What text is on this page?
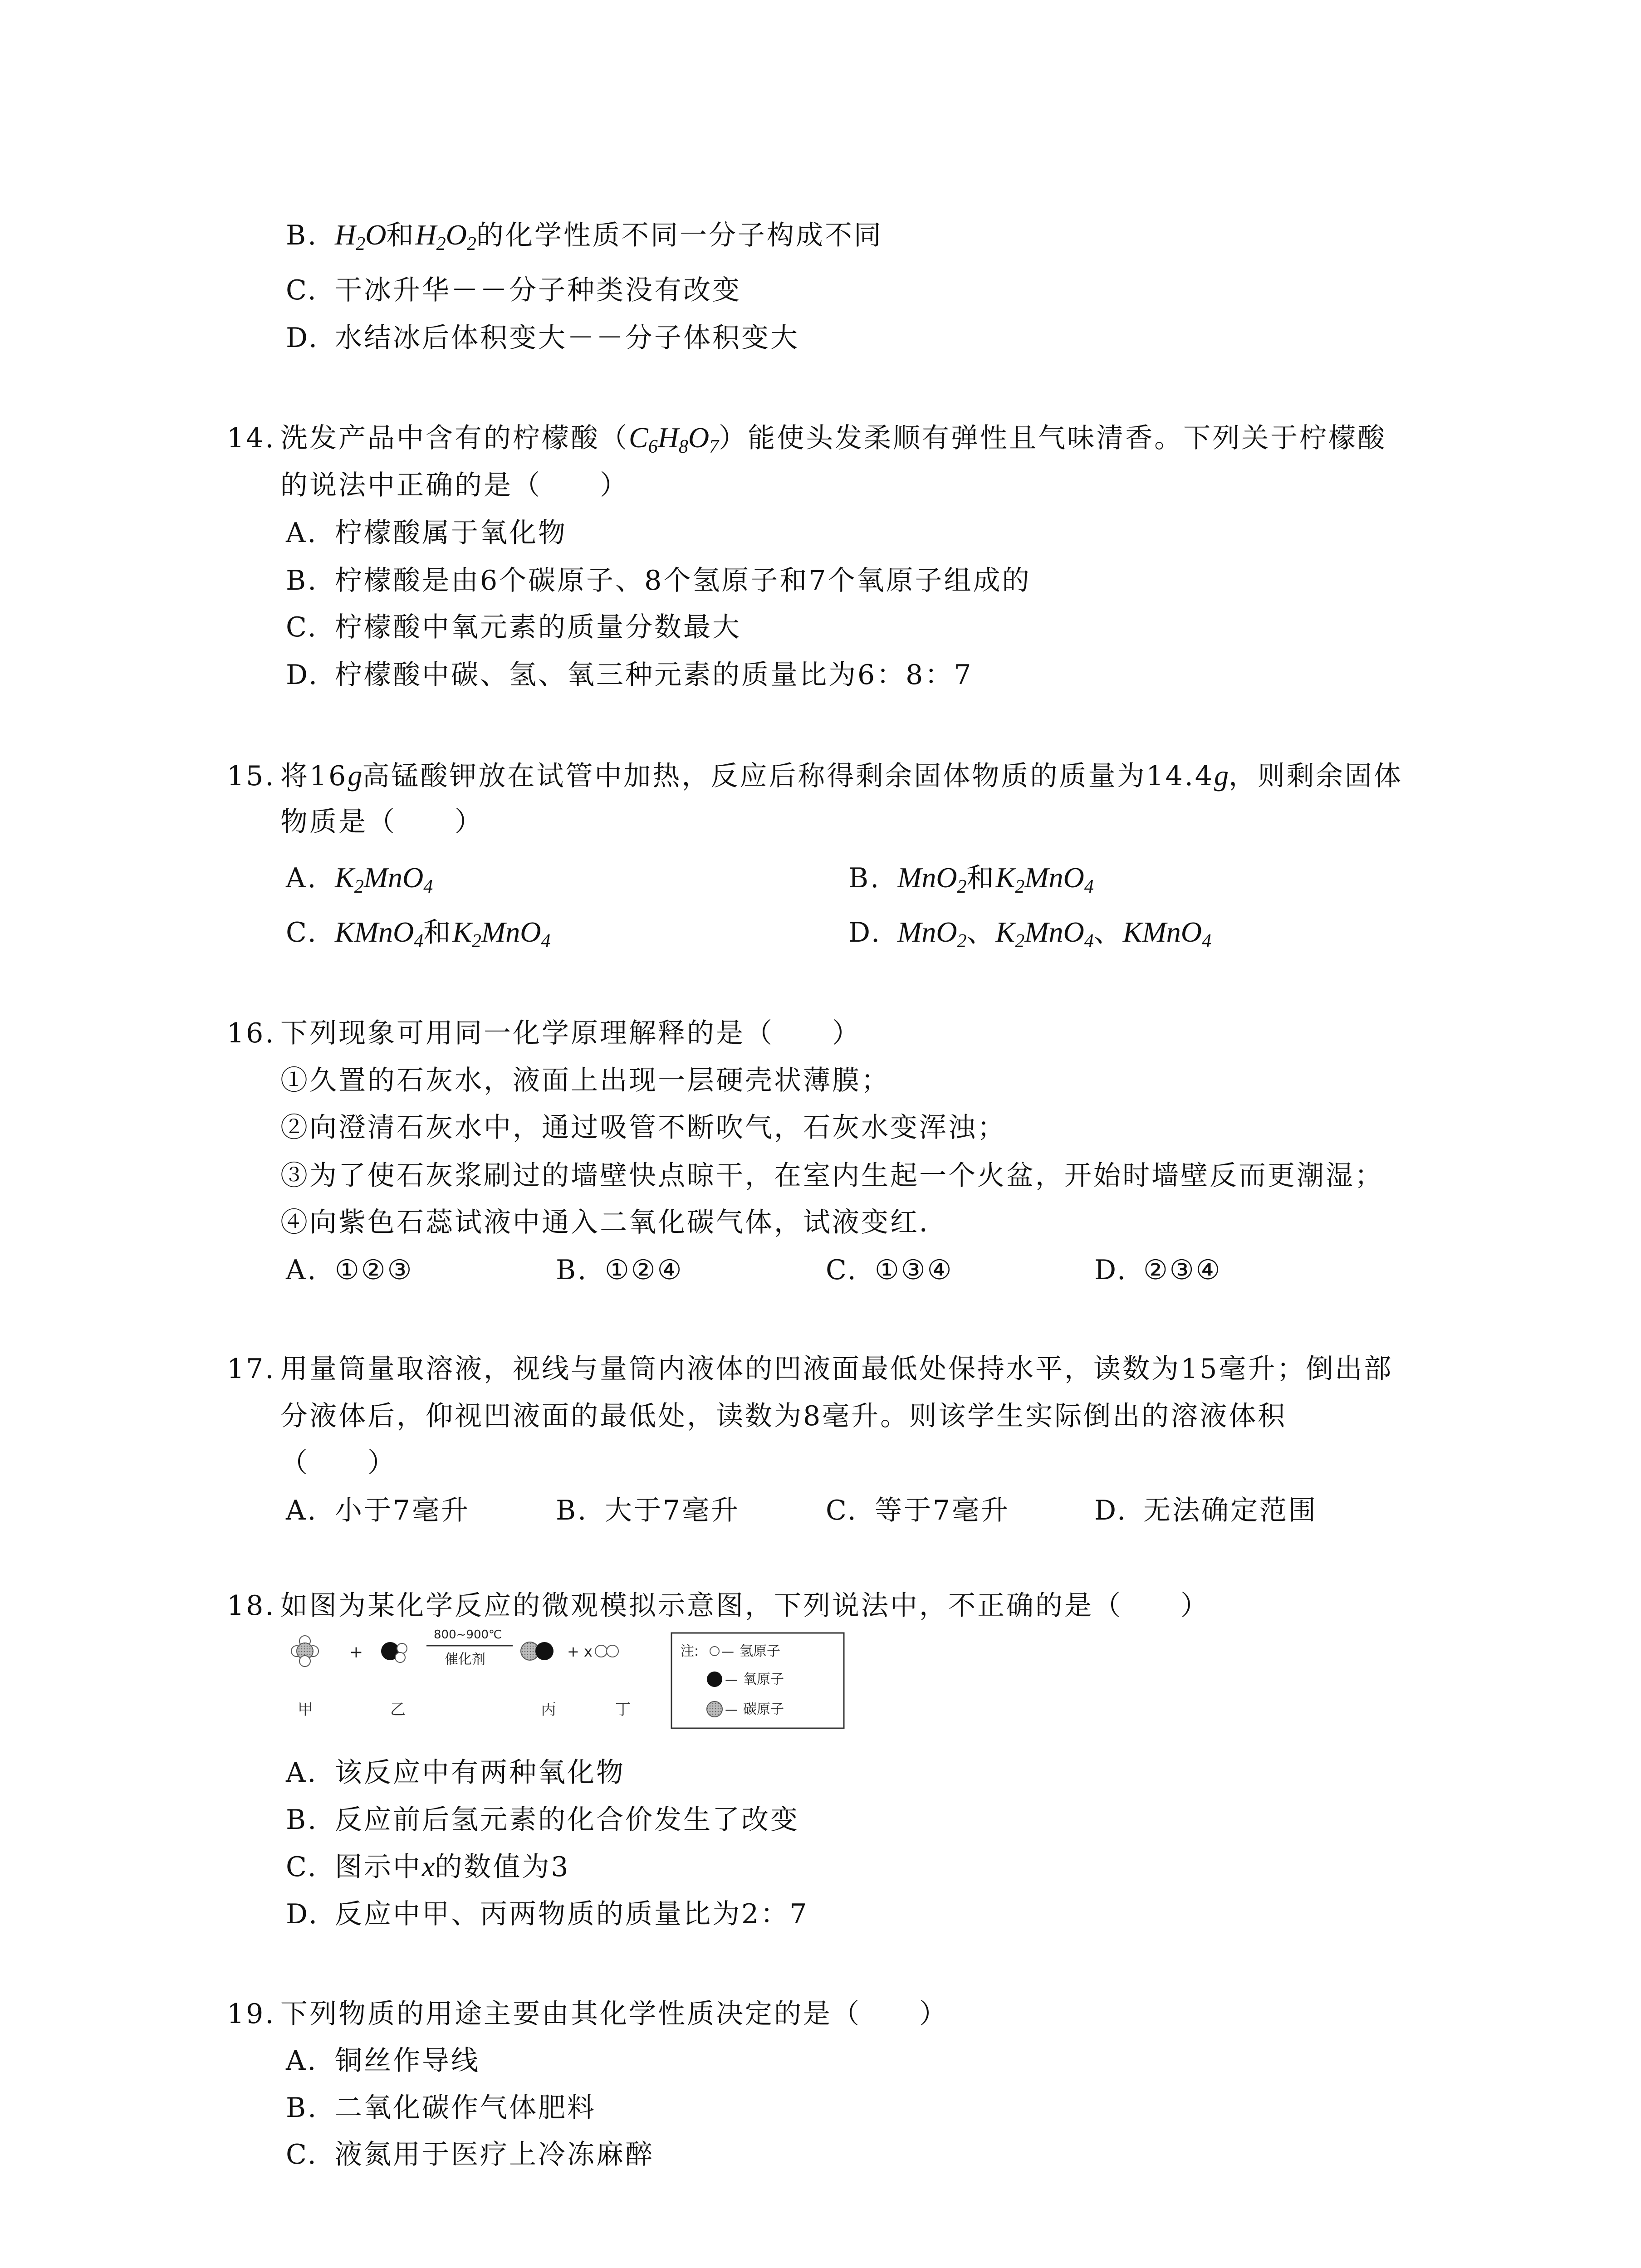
B. $H_2O$和$H_2O_2$的化学性质不同一分子构成不同
C. 干冰升华－－分子种类没有改变
D. 水结冰后体积变大－－分子体积变大
14. 洗发产品中含有的柠檬酸$(C_6H_8O_7)$能使头发柔顺有弹性且气味清香。下列关于柠檬酸
的说法中正确的是（　　）
A. 柠檬酸属于氧化物
B. 柠檬酸是由6个碳原子、8个氢原子和7个氧原子组成的
C. 柠檬酸中氧元素的质量分数最大
D. 柠檬酸中碳、氢、氧三种元素的质量比为6：8：7
15. 将16g高锰酸钾放在试管中加热，反应后称得剩余固体物质的质量为14.4g，则剩余固体
物质是（　　）
A. $K_2MnO_4$	B. MnO$_2$和$K_2MnO_4$
C. KMnO$_4$和$K_2MnO_4$	D. MnO$_2$、$K_2MnO_4$、KMnO$_4$
16. 下列现象可用同一化学原理解释的是（　　）
①久置的石灰水，液面上出现一层硬壳状薄膜；
②向澄清石灰水中，通过吸管不断吹气，石灰水变浑浊；
③为了使石灰浆刷过的墙壁快点晾干，在室内生起一个火盆，开始时墙壁反而更潮湿；
④向紫色石蕊试液中通入二氧化碳气体，试液变红．
A. ①②③	B. ①②④	C. ①③④	D. ②③④
17. 用量筒量取溶液，视线与量筒内液体的凹液面最低处保持水平，读数为15毫升；倒出部
分液体后，仰视凹液面的最低处，读数为8毫升。则该学生实际倒出的溶液体积
（　　）
A. 小于7毫升	B. 大于7毫升	C. 等于7毫升	D. 无法确定范围
18. 如图为某化学反应的微观模拟示意图，下列说法中，不正确的是（　　）
+
800~900℃
催化剂	+ x
甲	乙	丙	丁
注: — 氢原子
— 氧原子
— 碳原子
A. 该反应中有两种氧化物
B. 反应前后氢元素的化合价发生了改变
C. 图示中x的数值为3
D. 反应中甲、丙两物质的质量比为2：7
19. 下列物质的用途主要由其化学性质决定的是（　　）
A. 铜丝作导线
B. 二氧化碳作气体肥料
C. 液氮用于医疗上冷冻麻醉
